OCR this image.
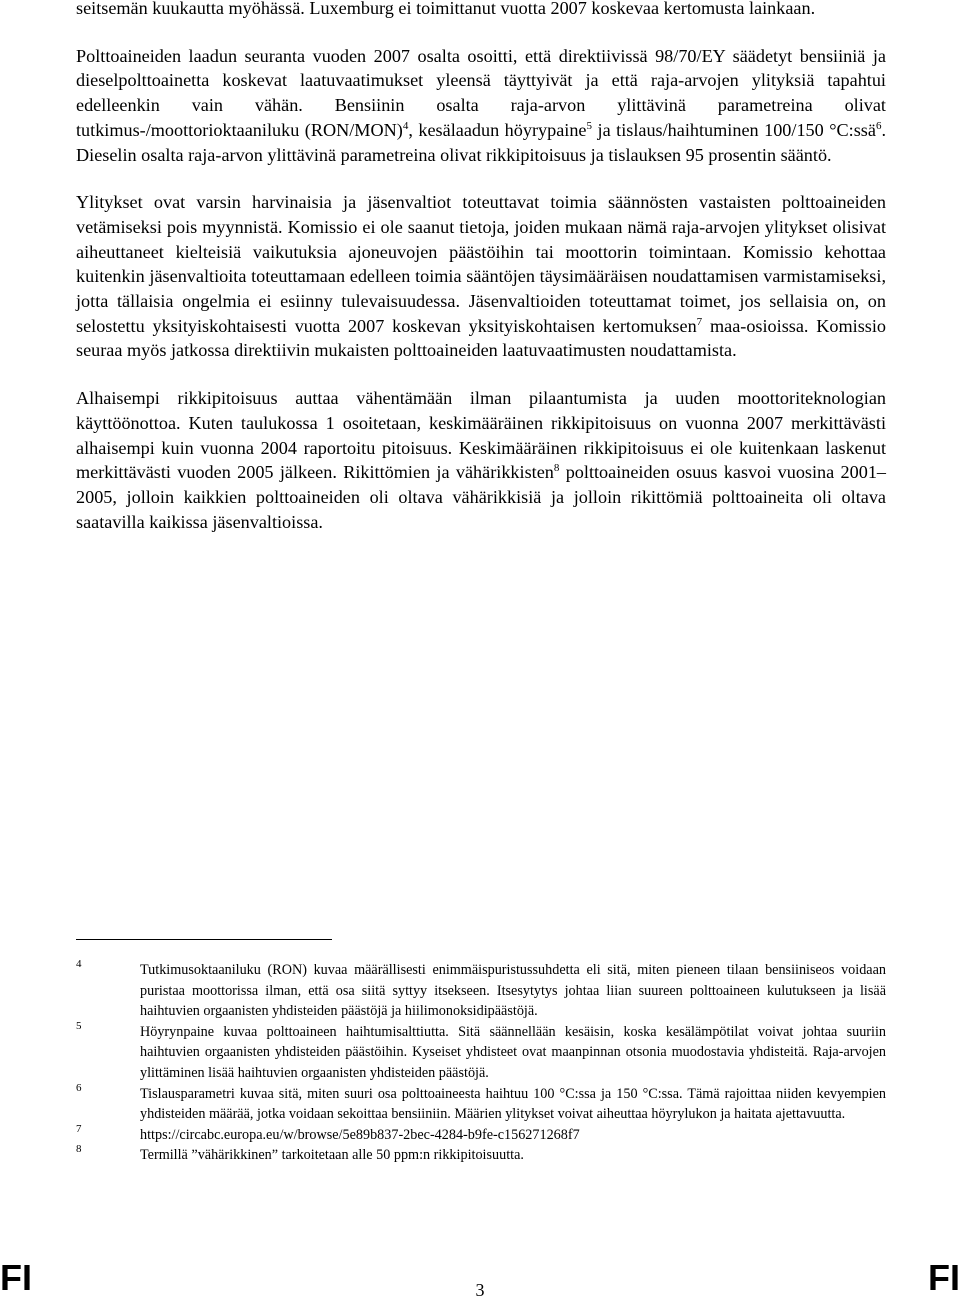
seitsemän kuukautta myöhässä. Luxemburg ei toimittanut vuotta 2007 koskevaa kertomusta lainkaan.

Polttoaineiden laadun seuranta vuoden 2007 osalta osoitti, että direktiivissä 98/70/EY säädetyt bensiiniä ja dieselpolttoainetta koskevat laatuvaatimukset yleensä täyttyivät ja että raja-arvojen ylityksiä tapahtui edelleenkin vain vähän. Bensiinin osalta raja-arvon ylittävinä parametreina olivat tutkimus-/moottorioktaaniluku $(RON/MON)^4$, kesälaadun höyrypaine$^5$ ja tislaus/haihtuminen 100/150 °C:ssä$^6$. Dieselin osalta raja-arvon ylittävinä parametreina olivat rikkipitoisuus ja tislauksen 95 prosentin sääntö.

Ylitykset ovat varsin harvinaisia ja jäsenvaltiot toteuttavat toimia säännösten vastaisten polttoaineiden vetämiseksi pois myynnistä. Komissio ei ole saanut tietoja, joiden mukaan nämä raja-arvojen ylitykset olisivat aiheuttaneet kielteisiä vaikutuksia ajoneuvojen päästöihin tai moottorin toimintaan. Komissio kehottaa kuitenkin jäsenvaltioita toteuttamaan edelleen toimia sääntöjen täysimääräisen noudattamisen varmistamiseksi, jotta tällaisia ongelmia ei esiinny tulevaisuudessa. Jäsenvaltioiden toteuttamat toimet, jos sellaisia on, on selostettu yksityiskohtaisesti vuotta 2007 koskevan yksityiskohtaisen kertomuksen$^7$ maa-osioissa. Komissio seuraa myös jatkossa direktiivin mukaisten polttoaineiden laatuvaatimusten noudattamista.

Alhaisempi rikkipitoisuus auttaa vähentämään ilman pilaantumista ja uuden moottoriteknologian käyttöönottoa. Kuten taulukossa 1 osoitetaan, keskimääräinen rikkipitoisuus on vuonna 2007 merkittävästi alhaisempi kuin vuonna 2004 raportoitu pitoisuus. Keskimääräinen rikkipitoisuus ei ole kuitenkaan laskenut merkittävästi vuoden 2005 jälkeen. Rikittömien ja vähärikkisten$^8$ polttoaineiden osuus kasvoi vuosina 2001–2005, jolloin kaikkien polttoaineiden oli oltava vähärikkisiä ja jolloin rikittömiä polttoaineita oli oltava saatavilla kaikissa jäsenvaltioissa.

4	Tutkimusoktaaniluku (RON) kuvaa määrällisesti enimmäispuristussuhdetta eli sitä, miten pieneen tilaan bensiiniseos voidaan puristaa moottorissa ilman, että osa siitä syttyy itsekseen. Itsesytytys johtaa liian suureen polttoaineen kulutukseen ja lisää haihtuvien orgaanisten yhdisteiden päästöjä ja hiilimonoksidipäästöjä.
5	Höyrynpaine kuvaa polttoaineen haihtumisalttiutta. Sitä säännellään kesäisin, koska kesälämpötilat voivat johtaa suuriin haihtuvien orgaanisten yhdisteiden päästöihin. Kyseiset yhdisteet ovat maanpinnan otsonia muodostavia yhdisteitä. Raja-arvojen ylittäminen lisää haihtuvien orgaanisten yhdisteiden päästöjä.
6	Tislausparametri kuvaa sitä, miten suuri osa polttoaineesta haihtuu 100 °C:ssa ja 150 °C:ssa. Tämä rajoittaa niiden kevyempien yhdisteiden määrää, jotka voidaan sekoittaa bensiiniin. Määrien ylitykset voivat aiheuttaa höyrylukon ja haitata ajettavuutta.
7	https://circabc.europa.eu/w/browse/5e89b837-2bec-4284-b9fe-c156271268f7
8	Termillä ”vähärikkinen” tarkoitetaan alle 50 ppm:n rikkipitoisuutta.
FI	3	FI
